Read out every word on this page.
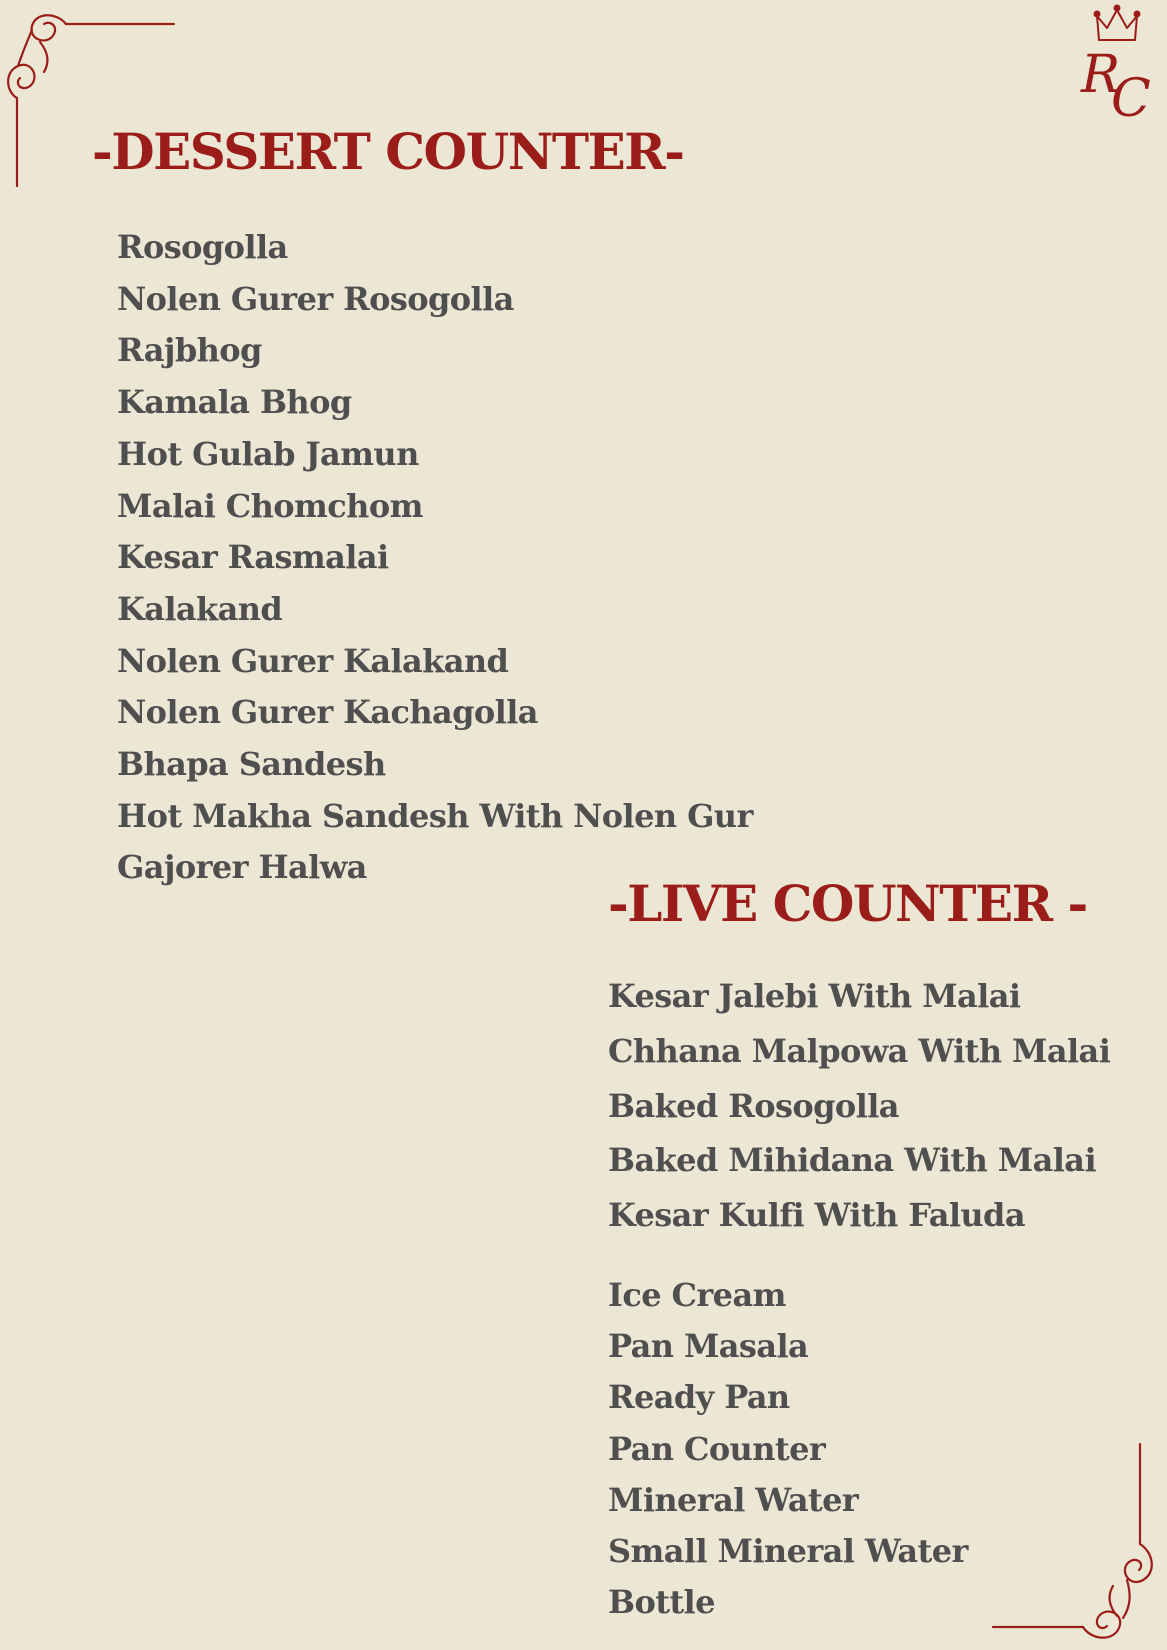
R
C
-DESSERT COUNTER-
Rosogolla
Nolen Gurer Rosogolla
Rajbhog
Kamala Bhog
Hot Gulab Jamun
Malai Chomchom
Kesar Rasmalai
Kalakand
Nolen Gurer Kalakand
Nolen Gurer Kachagolla
Bhapa Sandesh
Hot Makha Sandesh With Nolen Gur
Gajorer Halwa
-LIVE COUNTER -
Kesar Jalebi With Malai
Chhana Malpowa With Malai
Baked Rosogolla
Baked Mihidana With Malai
Kesar Kulfi With Faluda
Ice Cream
Pan Masala
Ready Pan
Pan Counter
Mineral Water
Small Mineral Water
Bottle
